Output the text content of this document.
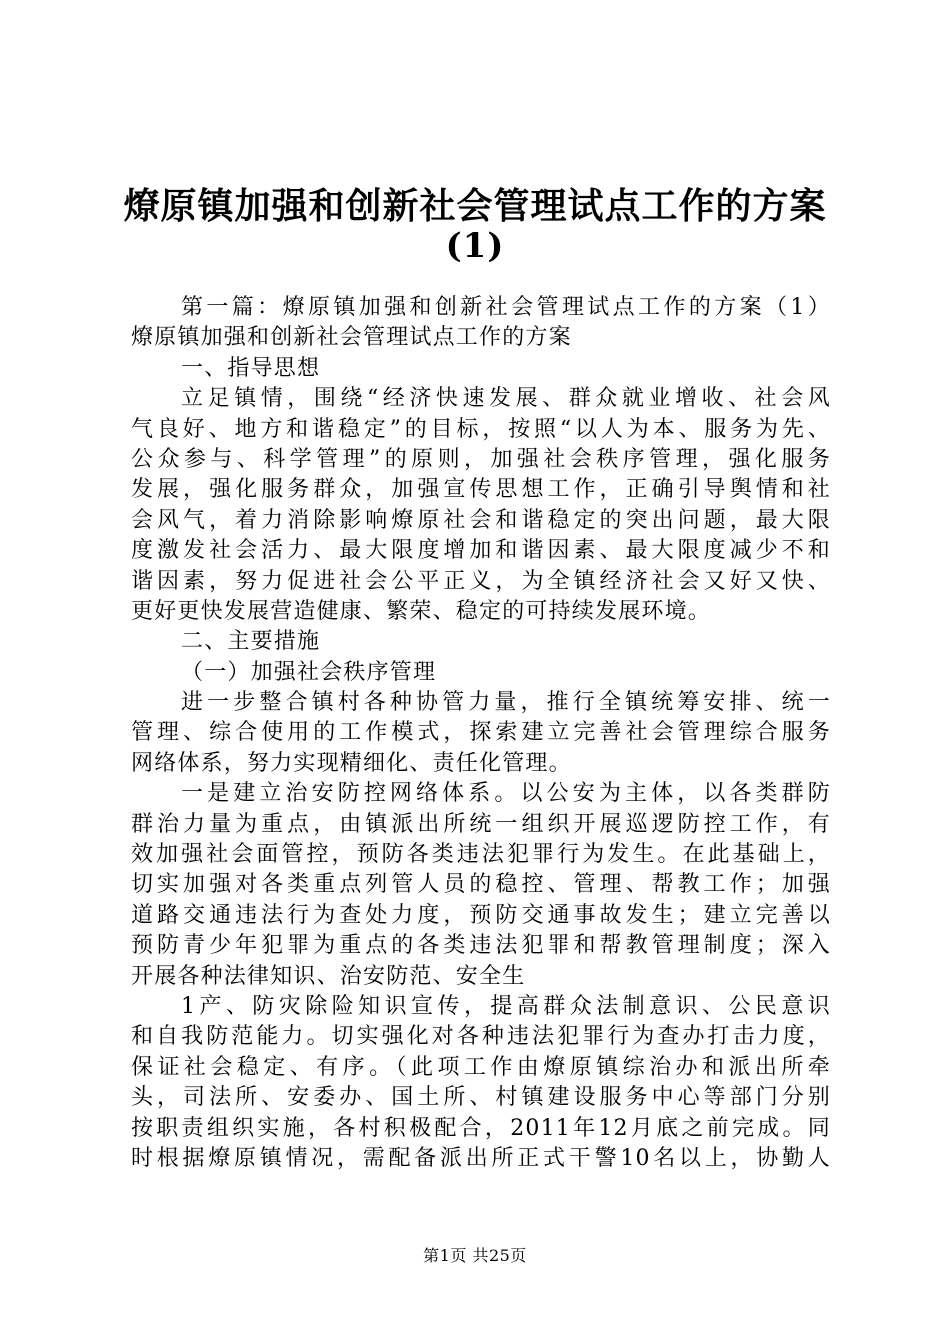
燎原镇加强和创新社会管理试点工作的方案
(1)
第一篇：燎原镇加强和创新社会管理试点工作的方案（1）
燎原镇加强和创新社会管理试点工作的方案
一、指导思想
立足镇情，围绕“经济快速发展、群众就业增收、社会风
气良好、地方和谐稳定”的目标，按照“以人为本、服务为先、
公众参与、科学管理”的原则，加强社会秩序管理，强化服务
发展，强化服务群众，加强宣传思想工作，正确引导舆情和社
会风气，着力消除影响燎原社会和谐稳定的突出问题，最大限
度激发社会活力、最大限度增加和谐因素、最大限度减少不和
谐因素，努力促进社会公平正义，为全镇经济社会又好又快、
更好更快发展营造健康、繁荣、稳定的可持续发展环境。
二、主要措施
（一）加强社会秩序管理
进一步整合镇村各种协管力量，推行全镇统筹安排、统一
管理、综合使用的工作模式，探索建立完善社会管理综合服务
网络体系，努力实现精细化、责任化管理。
一是建立治安防控网络体系。以公安为主体，以各类群防
群治力量为重点，由镇派出所统一组织开展巡逻防控工作，有
效加强社会面管控，预防各类违法犯罪行为发生。在此基础上，
切实加强对各类重点列管人员的稳控、管理、帮教工作；加强
道路交通违法行为查处力度，预防交通事故发生；建立完善以
预防青少年犯罪为重点的各类违法犯罪和帮教管理制度；深入
开展各种法律知识、治安防范、安全生
1产、防灾除险知识宣传，提高群众法制意识、公民意识
和自我防范能力。切实强化对各种违法犯罪行为查办打击力度，
保证社会稳定、有序。（此项工作由燎原镇综治办和派出所牵
头，司法所、安委办、国土所、村镇建设服务中心等部门分别
按职责组织实施，各村积极配合，2011年12月底之前完成。同
时根据燎原镇情况，需配备派出所正式干警10名以上，协勤人
第1页 共25页
